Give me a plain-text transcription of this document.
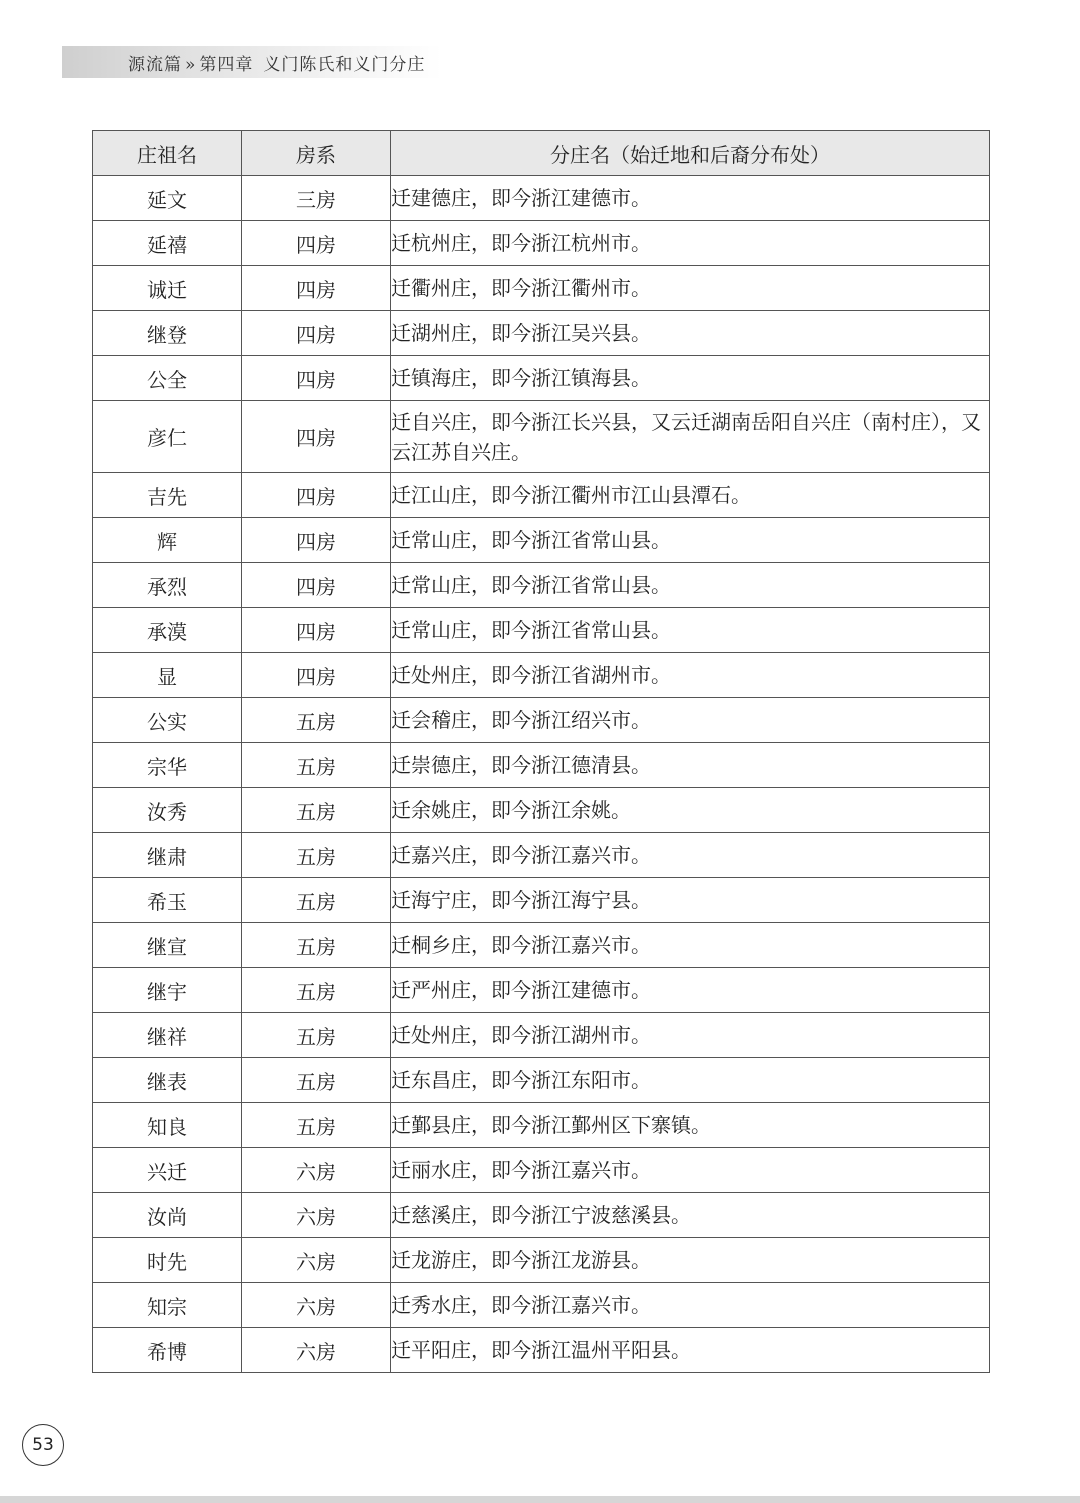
源流篇 » 第四章 义门陈氏和义门分庄
庄祖名	房系	分庄名（始迁地和后裔分布处）
延文	三房	迁建德庄，即今浙江建德市。
延禧	四房	迁杭州庄，即今浙江杭州市。
诚迁	四房	迁衢州庄，即今浙江衢州市。
继登	四房	迁湖州庄，即今浙江吴兴县。
公全	四房	迁镇海庄，即今浙江镇海县。
彦仁	四房	迁自兴庄，即今浙江长兴县，又云迁湖南岳阳自兴庄（南村庄），又云江苏自兴庄。
吉先	四房	迁江山庄，即今浙江衢州市江山县潭石。
辉	四房	迁常山庄，即今浙江省常山县。
承烈	四房	迁常山庄，即今浙江省常山县。
承漠	四房	迁常山庄，即今浙江省常山县。
显	四房	迁处州庄，即今浙江省湖州市。
公实	五房	迁会稽庄，即今浙江绍兴市。
宗华	五房	迁崇德庄，即今浙江德清县。
汝秀	五房	迁余姚庄，即今浙江余姚。
继肃	五房	迁嘉兴庄，即今浙江嘉兴市。
希玉	五房	迁海宁庄，即今浙江海宁县。
继宣	五房	迁桐乡庄，即今浙江嘉兴市。
继宇	五房	迁严州庄，即今浙江建德市。
继祥	五房	迁处州庄，即今浙江湖州市。
继表	五房	迁东昌庄，即今浙江东阳市。
知良	五房	迁鄞县庄，即今浙江鄞州区下寨镇。
兴迁	六房	迁丽水庄，即今浙江嘉兴市。
汝尚	六房	迁慈溪庄，即今浙江宁波慈溪县。
时先	六房	迁龙游庄，即今浙江龙游县。
知宗	六房	迁秀水庄，即今浙江嘉兴市。
希博	六房	迁平阳庄，即今浙江温州平阳县。
53
